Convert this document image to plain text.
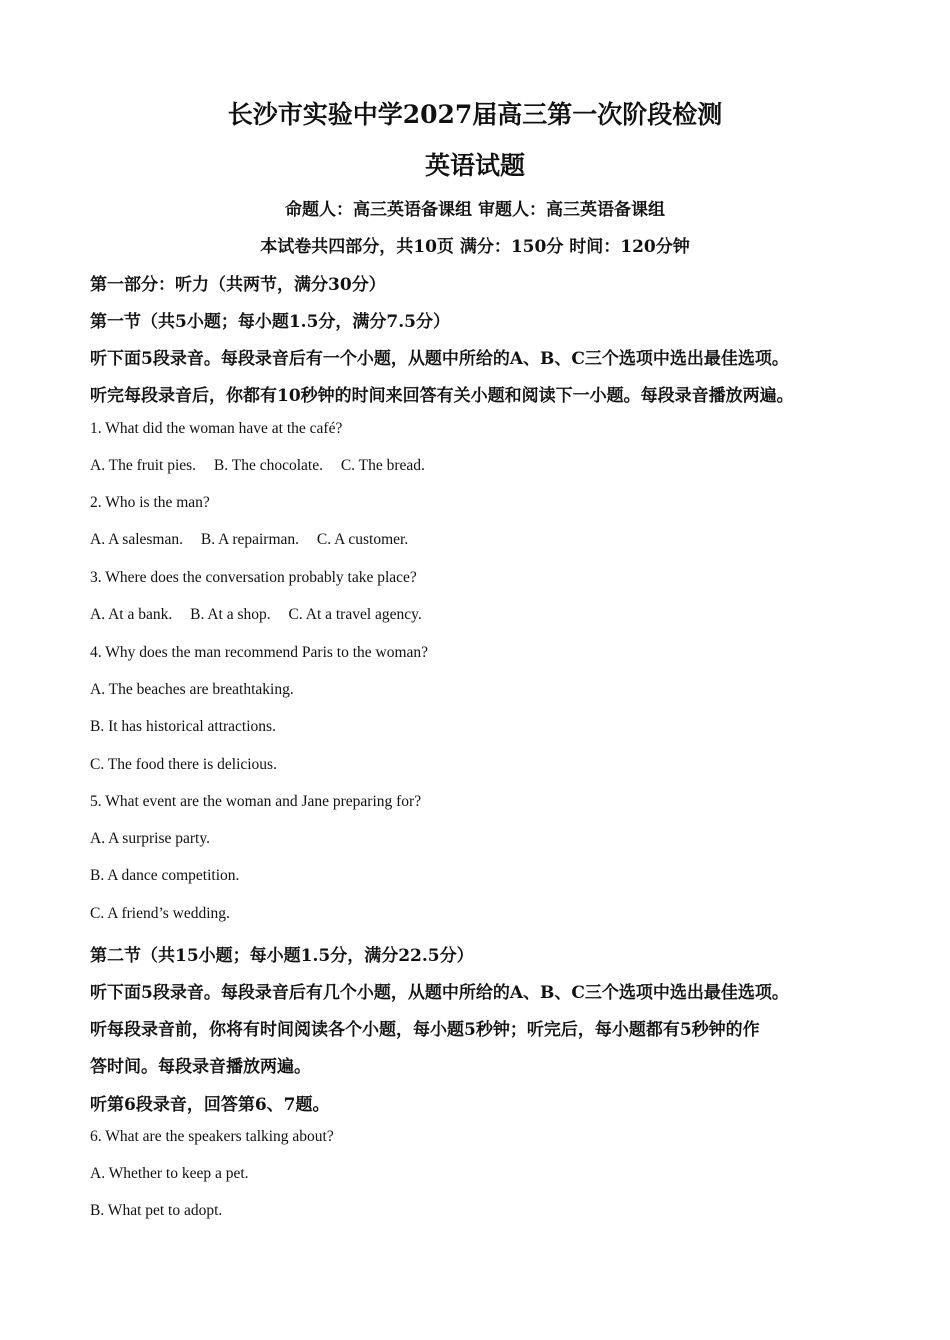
长沙市实验中学2027届高三第一次阶段检测
英语试题
命题人：高三英语备课组 审题人：高三英语备课组
本试卷共四部分，共10页 满分：150分 时间：120分钟
第一部分：听力（共两节，满分30分）
第一节（共5小题；每小题1.5分，满分7.5分）
听下面5段录音。每段录音后有一个小题，从题中所给的A、B、C三个选项中选出最佳选项。
听完每段录音后，你都有10秒钟的时间来回答有关小题和阅读下一小题。每段录音播放两遍。
1. What did the woman have at the café?
A. The fruit pies. B. The chocolate. C. The bread.
2. Who is the man?
A. A salesman. B. A repairman. C. A customer.
3. Where does the conversation probably take place?
A. At a bank. B. At a shop. C. At a travel agency.
4. Why does the man recommend Paris to the woman?
A. The beaches are breathtaking.
B. It has historical attractions.
C. The food there is delicious.
5. What event are the woman and Jane preparing for?
A. A surprise party.
B. A dance competition.
C. A friend’s wedding.
第二节（共15小题；每小题1.5分，满分22.5分）
听下面5段录音。每段录音后有几个小题，从题中所给的A、B、C三个选项中选出最佳选项。
听每段录音前，你将有时间阅读各个小题，每小题5秒钟；听完后，每小题都有5秒钟的作
答时间。每段录音播放两遍。
听第6段录音，回答第6、7题。
6. What are the speakers talking about?
A. Whether to keep a pet.
B. What pet to adopt.
